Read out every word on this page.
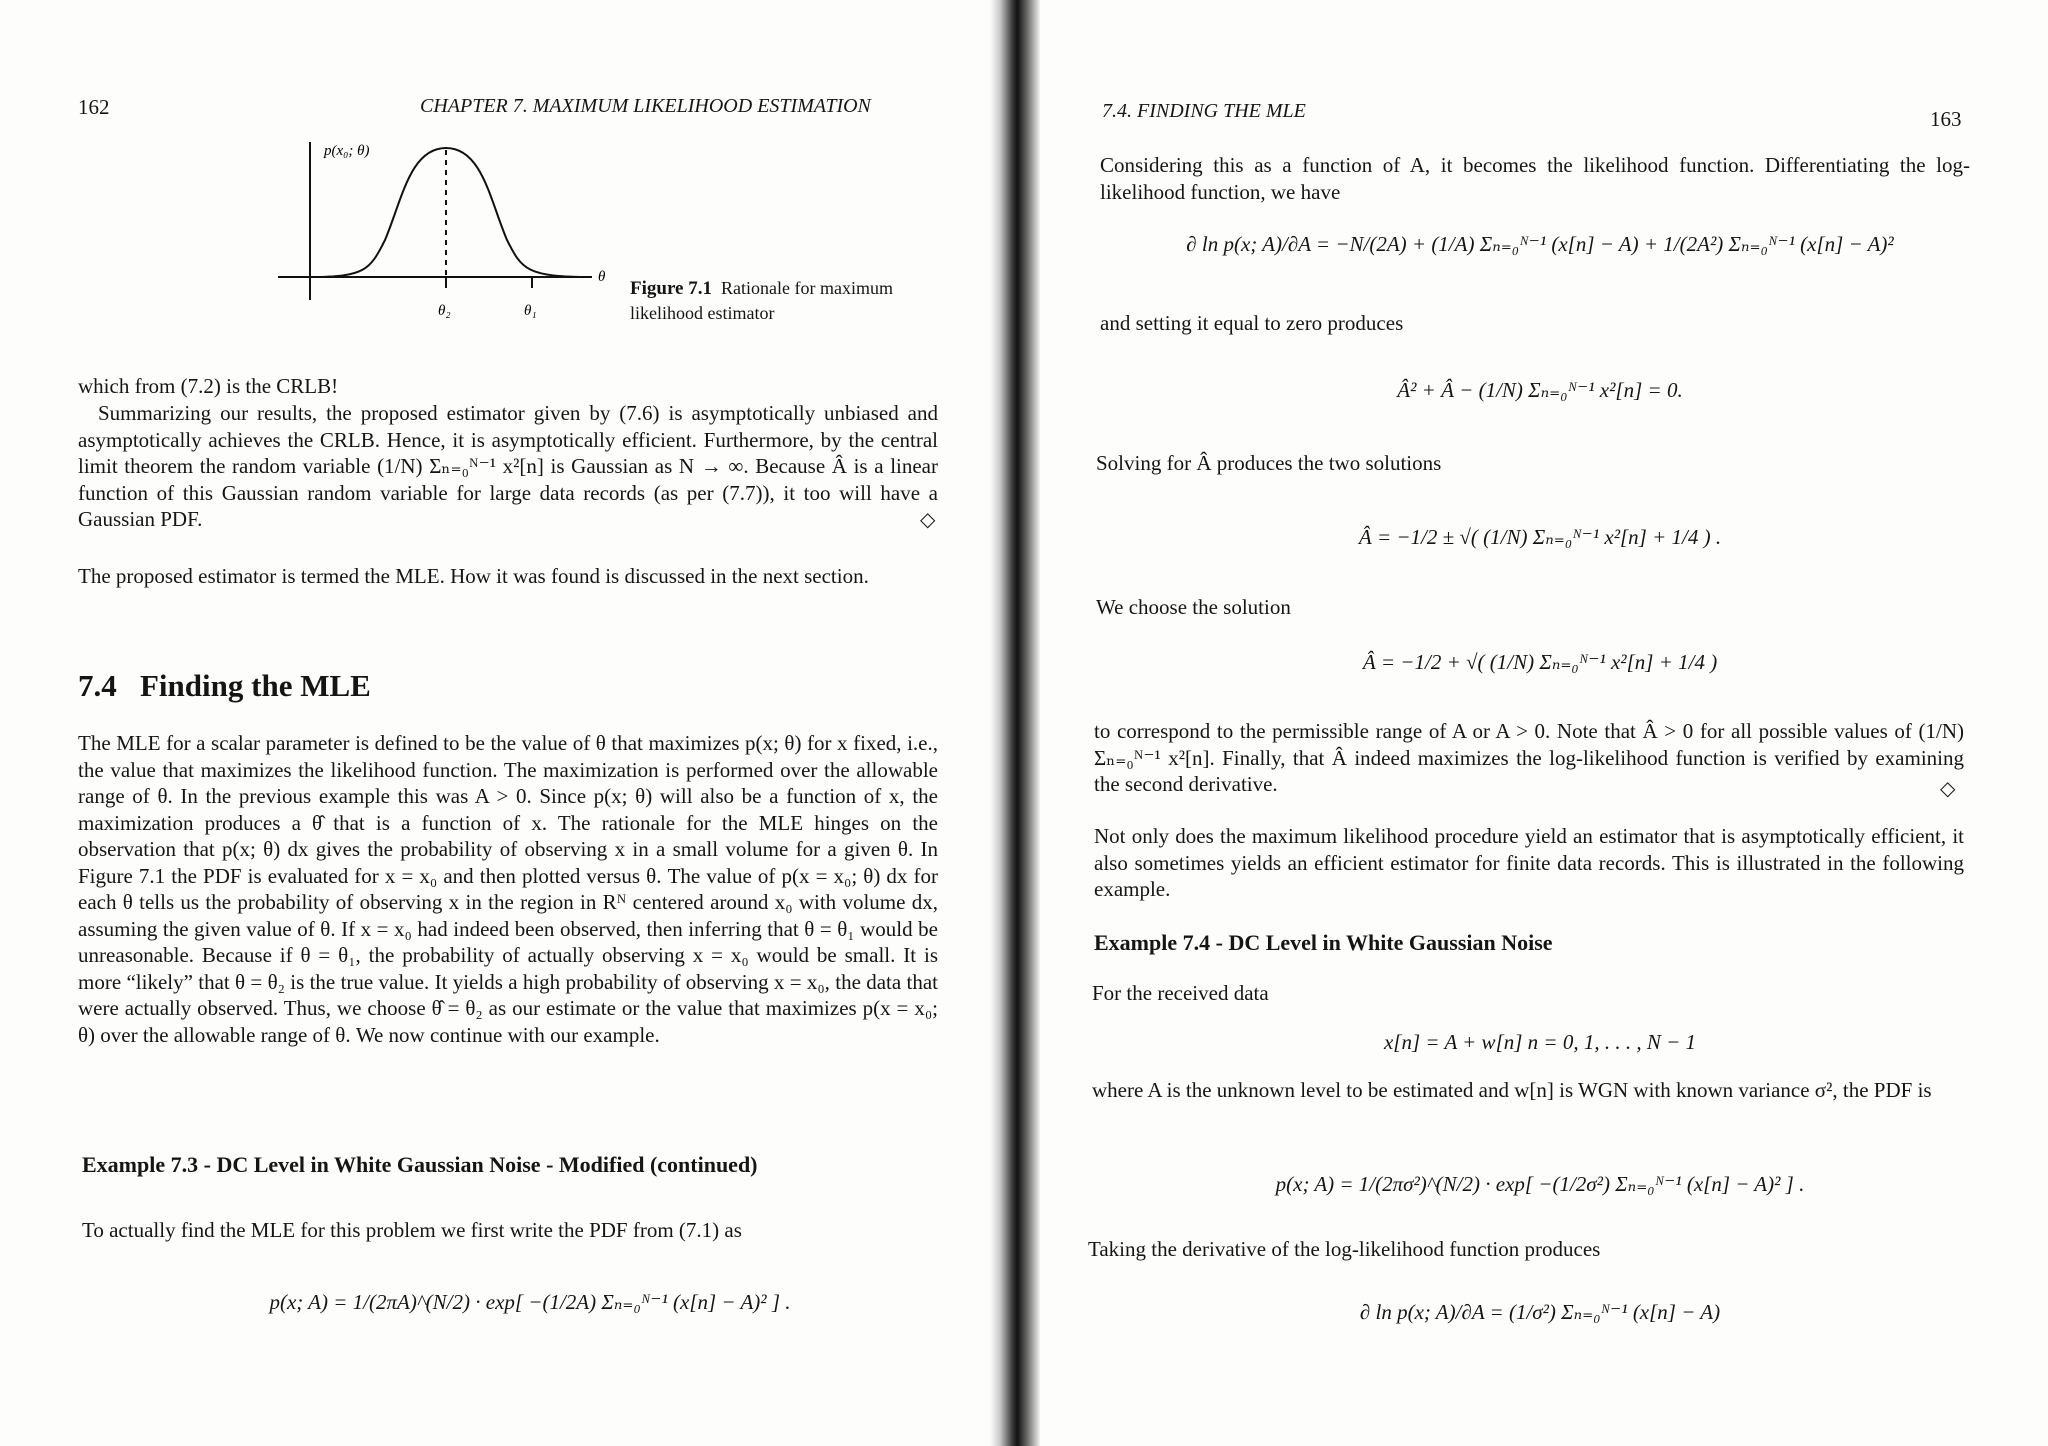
162	CHAPTER 7. MAXIMUM LIKELIHOOD ESTIMATION
p(x₀; θ)
θ
θ₂	θ₁
Figure 7.1 Rationale for maximum likelihood estimator

which from (7.2) is the CRLB!

Summarizing our results, the proposed estimator given by (7.6) is asymptotically unbiased and asymptotically achieves the CRLB. Hence, it is asymptotically efficient. Furthermore, by the central limit theorem the random variable (1/N) Σₙ₌₀ᴺ⁻¹ x²[n] is Gaussian as N → ∞. Because Â is a linear function of this Gaussian random variable for large data records (as per (7.7)), it too will have a Gaussian PDF.	◇

The proposed estimator is termed the MLE. How it was found is discussed in the next section.

7.4 Finding the MLE

The MLE for a scalar parameter is defined to be the value of θ that maximizes p(x; θ) for x fixed, i.e., the value that maximizes the likelihood function. The maximization is performed over the allowable range of θ. In the previous example this was A > 0. Since p(x; θ) will also be a function of x, the maximization produces a θ̂ that is a function of x. The rationale for the MLE hinges on the observation that p(x; θ) dx gives the probability of observing x in a small volume for a given θ. In Figure 7.1 the PDF is evaluated for x = x₀ and then plotted versus θ. The value of p(x = x₀; θ) dx for each θ tells us the probability of observing x in the region in Rᴺ centered around x₀ with volume dx, assuming the given value of θ. If x = x₀ had indeed been observed, then inferring that θ = θ₁ would be unreasonable. Because if θ = θ₁, the probability of actually observing x = x₀ would be small. It is more “likely” that θ = θ₂ is the true value. It yields a high probability of observing x = x₀, the data that were actually observed. Thus, we choose θ̂ = θ₂ as our estimate or the value that maximizes p(x = x₀; θ) over the allowable range of θ. We now continue with our example.

Example 7.3 - DC Level in White Gaussian Noise - Modified (continued)

To actually find the MLE for this problem we first write the PDF from (7.1) as

p(x; A) = 1/(2πA)^(N/2) · exp[ −(1/2A) Σₙ₌₀ᴺ⁻¹ (x[n] − A)² ] .
7.4. FINDING THE MLE	163

Considering this as a function of A, it becomes the likelihood function. Differentiating the log-likelihood function, we have

∂ ln p(x; A)/∂A = −N/(2A) + (1/A) Σₙ₌₀ᴺ⁻¹ (x[n] − A) + 1/(2A²) Σₙ₌₀ᴺ⁻¹ (x[n] − A)²

and setting it equal to zero produces

Â² + Â − (1/N) Σₙ₌₀ᴺ⁻¹ x²[n] = 0.

Solving for Â produces the two solutions

Â = −1/2 ± √( (1/N) Σₙ₌₀ᴺ⁻¹ x²[n] + 1/4 ) .

We choose the solution

Â = −1/2 + √( (1/N) Σₙ₌₀ᴺ⁻¹ x²[n] + 1/4 )

to correspond to the permissible range of A or A > 0. Note that Â > 0 for all possible values of (1/N) Σₙ₌₀ᴺ⁻¹ x²[n]. Finally, that Â indeed maximizes the log-likelihood function is verified by examining the second derivative.	◇

Not only does the maximum likelihood procedure yield an estimator that is asymptotically efficient, it also sometimes yields an efficient estimator for finite data records. This is illustrated in the following example.

Example 7.4 - DC Level in White Gaussian Noise

For the received data

x[n] = A + w[n] n = 0, 1, . . . , N − 1

where A is the unknown level to be estimated and w[n] is WGN with known variance σ², the PDF is

p(x; A) = 1/(2πσ²)^(N/2) · exp[ −(1/2σ²) Σₙ₌₀ᴺ⁻¹ (x[n] − A)² ] .

Taking the derivative of the log-likelihood function produces

∂ ln p(x; A)/∂A = (1/σ²) Σₙ₌₀ᴺ⁻¹ (x[n] − A)
